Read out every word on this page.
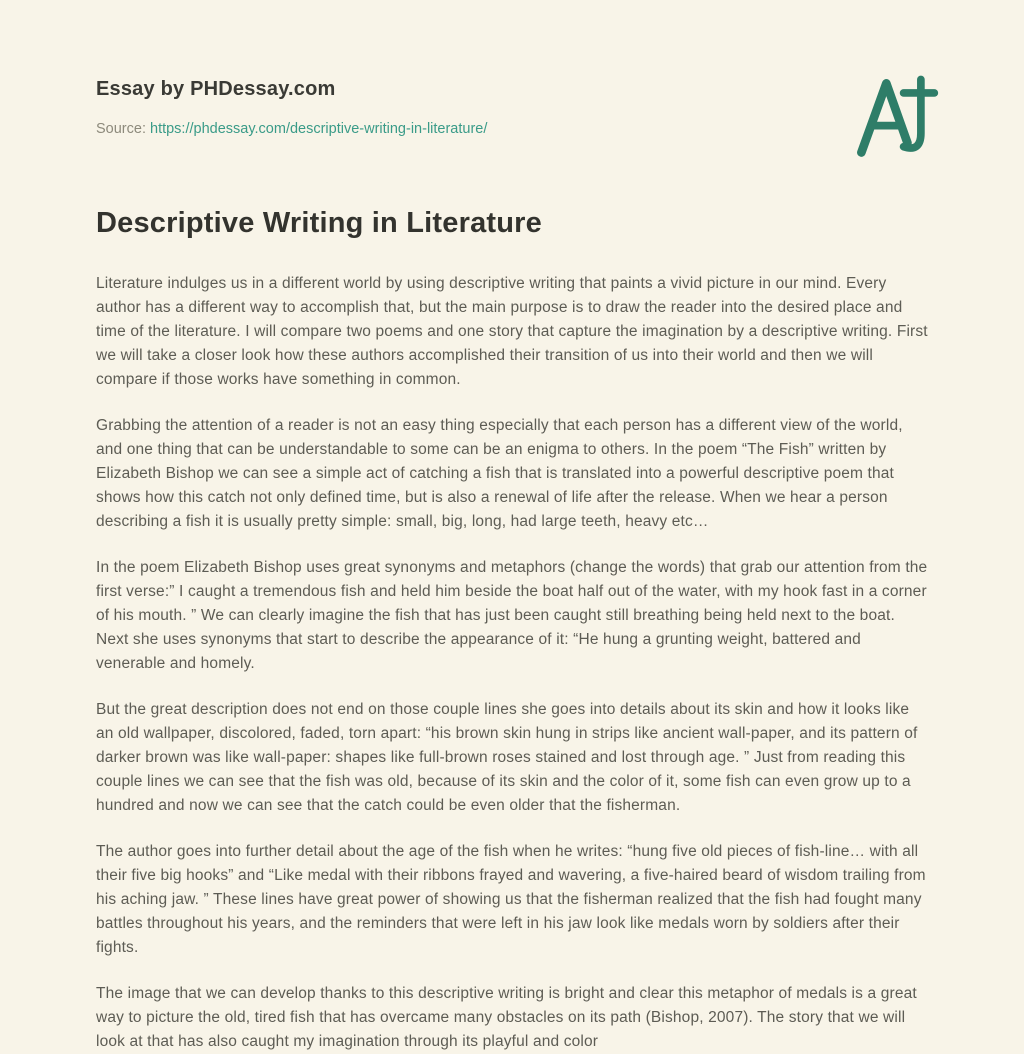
Essay by PHDessay.com

Source: https://phdessay.com/descriptive-writing-in-literature/

Descriptive Writing in Literature

Literature indulges us in a different world by using descriptive writing that paints a vivid picture in our mind. Every author has a different way to accomplish that, but the main purpose is to draw the reader into the desired place and time of the literature. I will compare two poems and one story that capture the imagination by a descriptive writing. First we will take a closer look how these authors accomplished their transition of us into their world and then we will compare if those works have something in common.

Grabbing the attention of a reader is not an easy thing especially that each person has a different view of the world, and one thing that can be understandable to some can be an enigma to others. In the poem “The Fish” written by Elizabeth Bishop we can see a simple act of catching a fish that is translated into a powerful descriptive poem that shows how this catch not only defined time, but is also a renewal of life after the release. When we hear a person describing a fish it is usually pretty simple: small, big, long, had large teeth, heavy etc…

In the poem Elizabeth Bishop uses great synonyms and metaphors (change the words) that grab our attention from the first verse:” I caught a tremendous fish and held him beside the boat half out of the water, with my hook fast in a corner of his mouth. ” We can clearly imagine the fish that has just been caught still breathing being held next to the boat. Next she uses synonyms that start to describe the appearance of it: “He hung a grunting weight, battered and venerable and homely.

But the great description does not end on those couple lines she goes into details about its skin and how it looks like an old wallpaper, discolored, faded, torn apart: “his brown skin hung in strips like ancient wall-paper, and its pattern of darker brown was like wall-paper: shapes like full-brown roses stained and lost through age. ” Just from reading this couple lines we can see that the fish was old, because of its skin and the color of it, some fish can even grow up to a hundred and now we can see that the catch could be even older that the fisherman.

The author goes into further detail about the age of the fish when he writes: “hung five old pieces of fish-line… with all their five big hooks” and “Like medal with their ribbons frayed and wavering, a five-haired beard of wisdom trailing from his aching jaw. ” These lines have great power of showing us that the fisherman realized that the fish had fought many battles throughout his years, and the reminders that were left in his jaw look like medals worn by soldiers after their fights.

The image that we can develop thanks to this descriptive writing is bright and clear this metaphor of medals is a great way to picture the old, tired fish that has overcame many obstacles on its path (Bishop, 2007). The story that we will look at that has also caught my imagination through its playful and color
